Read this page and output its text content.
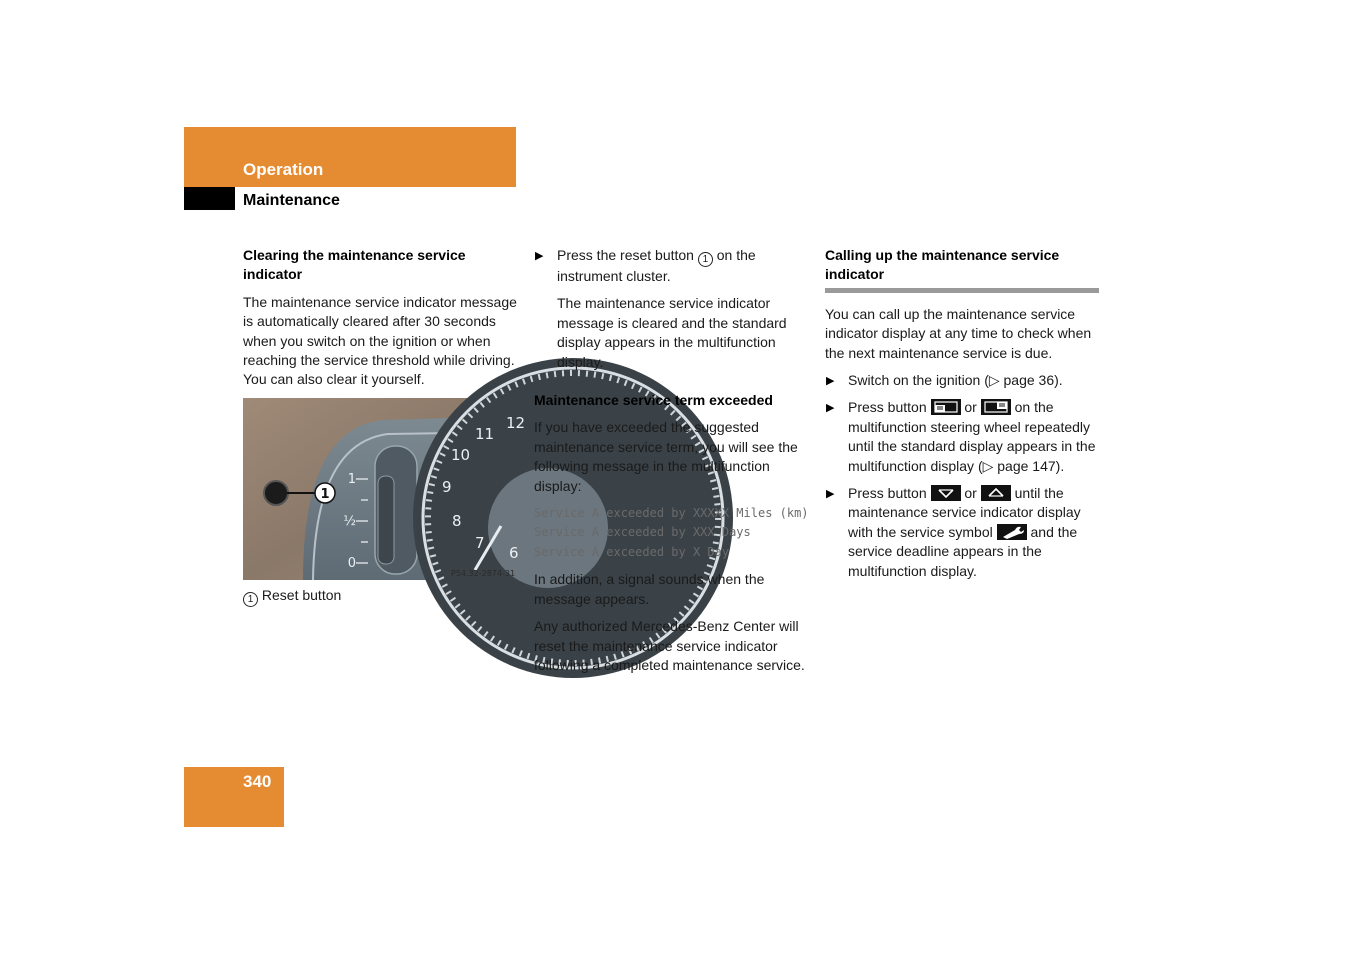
Operation
Maintenance
Clearing the maintenance service indicator

The maintenance service indicator message is automatically cleared after 30 seconds when you switch on the ignition or when reaching the service threshold while driving. You can also clear it yourself.

1
½
0
12
11
10
9
8
7
6
1
P54.32-2874-31
1 Reset button
▶ Press the reset button 1 on the instrument cluster.
The maintenance service indicator message is cleared and the standard display appears in the multifunction display.
Maintenance service term exceeded

If you have exceeded the suggested maintenance service term, you will see the following message in the multifunction display:

Service A exceeded by XXXXX Miles (km)
Service A exceeded by XXX Days
Service A exceeded by X Day

In addition, a signal sounds when the message appears.

Any authorized Mercedes-Benz Center will reset the maintenance service indicator following a completed maintenance service.

Calling up the maintenance service indicator

You can call up the maintenance service indicator display at any time to check when the next maintenance service is due.

▶ Switch on the ignition (▷ page 36).
▶ Press button	or	on the multifunction steering wheel repeatedly until the standard display appears in the multifunction display (▷ page 147).
▶ Press button	or	until the maintenance service indicator display with the service symbol	and the service deadline appears in the multifunction display.
340
